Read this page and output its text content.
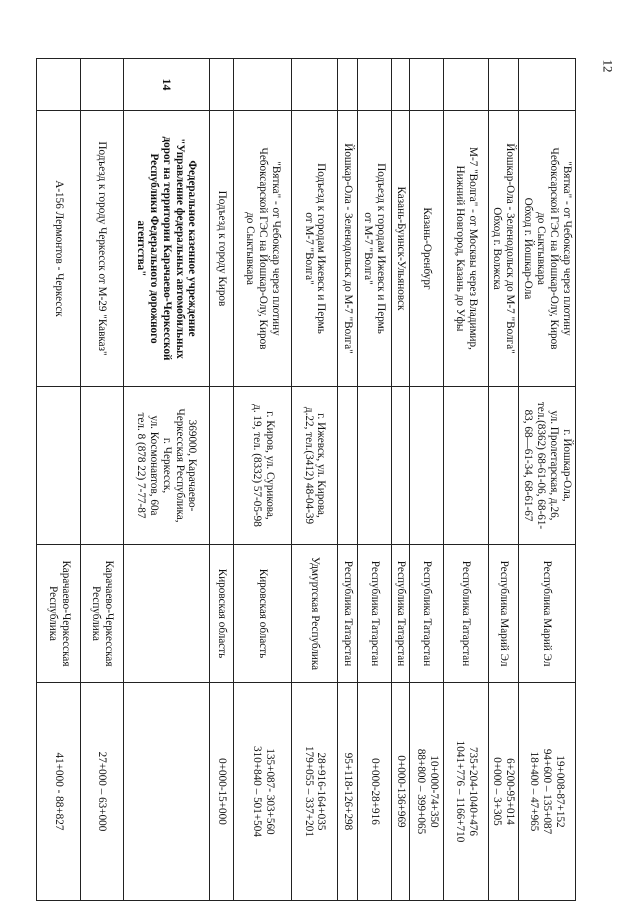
12

	"Вятка" - от Чебоксар через плотину
Чебоксарской ГЭС на Йошкар-Олу, Киров
до Сыктывкара
Обход г. Йошкар-Ола	г. Йошкар-Ола,
ул. Пролетарская, д.26,
тел.(8362) 68-61-06, 68-61-
83, 68—61-34, 68-61-67	Республика Марий Эл	19+008-87+152
94+600 – 135+087
18+400 – 47+965

	Йошкар-Ола - Зеленодольск до М-7 "Волга"
Обход г. Волжска		Республика Марий Эл	6+200-95+014
0+000 – 3+305

	М-7 "Волга" - от Москвы через Владимир,
Нижний Новгород, Казань до Уфы		Республика Татарстан	735+204-1040+476
1041+776 – 1166+710

	Казань-Оренбург		Республика Татарстан	10+000-74+350
88+800 – 399+065

	Казань-Буинск-Ульяновск		Республика Татарстан	0+000-136+969

	Подъезд к городам Ижевск и Пермь
от М-7 "Волга"		Республика Татарстан	0+000-28+916

	Йошкар-Ола - Зеленодольск до М-7 "Волга"		Республика Татарстан	95+118-126+298

	Подъезд к городам Ижевск и Пермь
от М-7 "Волга"	г. Ижевск, ул. Кирова,
д.22, тел.(3412) 48-04-39	Удмуртская Республика	28+916-164+035
179+055 – 337+201

	"Вятка" - от Чебоксар через плотину
Чебоксарской ГЭС на Йошкар-Олу, Киров
до Сыктывкара	г. Киров, ул. Сурикова,
д. 19, тел. (8332) 57-05-98	Кировская область	135+087- 303+560
310+840 – 501+504

	Подъезд к городу Киров		Кировская область	0+000-15+000

14	Федеральное казенное учреждение
"Управление федеральных автомобильных
дорог на территории Карачаево-Черкесской
Республики Федерального дорожного
агентства"	369000, Карачаево-
Черкесская Республика,
г. Черкесск,
ул. Космонавтов, 60а
тел. 8 (878 22) 7-77-87		

	Подъезд к городу Черкесск от М-29 "Кавказ"		Карачаево-Черкесская Республика	27+000 – 63+000

	А-156 Лермонтов - Черкесск		Карачаево-Черкесская Республика	41+000 - 88+827
